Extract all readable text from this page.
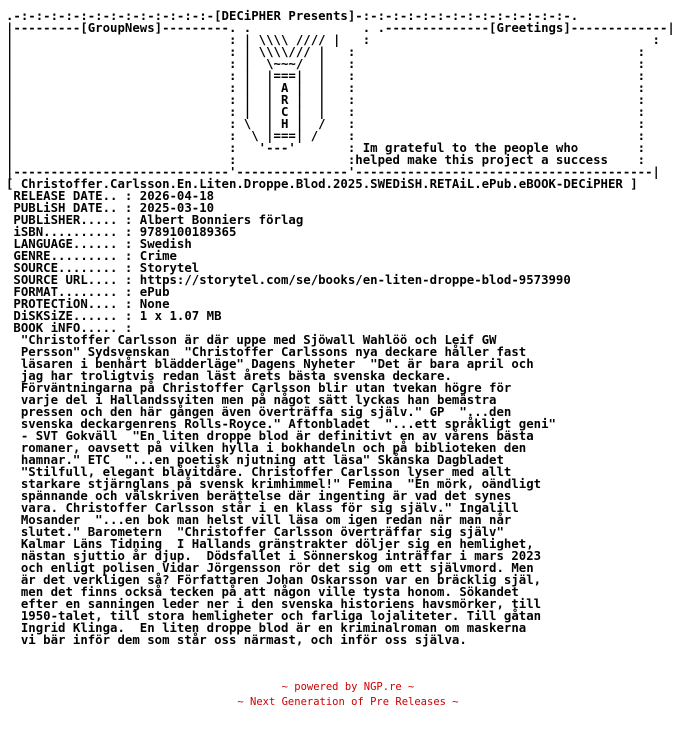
.-:-:-:-:-:-:-:-:-:-:-:-:-:-[DECiPHER Presents]-:-:-:-:-:-:-:-:-:-:-:-:-:-:-.
|---------[GroupNews]---------. .               . .--------------[Greetings]-------------|
|                             : | \\\\ //// |   :                                      :
|                             : | \\\\/// |   :                                      :
|                             : |  \~~~/  |   :                                      :
|                             : |  |===|  |   :                                      :
|                             : |  | A |  |   :                                      :
|                             : |  | R |  |   :                                      :
|                             : |  | C |  |   :                                      :
|                             : \  | H |  /   :                                      :
|                             :  \ |===| /    :                                      :
|                             :   '---'       : Im grateful to the people who        :
|                             :               :helped make this project a success    :
|-----------------------------'---------------'----------------------------------------|
[ Christoffer.Carlsson.En.Liten.Droppe.Blod.2025.SWEDiSH.RETAiL.ePub.eBOOK-DECiPHER ]
RELEASE DATE.. : 2026-04-18
PUBLiSH DATE.. : 2025-03-10
PUBLiSHER..... : Albert Bonniers förlag
iSBN.......... : 9789100189365
LANGUAGE...... : Swedish
GENRE......... : Crime
SOURCE........ : Storytel
SOURCE URL.... : https://storytel.com/se/books/en-liten-droppe-blod-9573990
FORMAT........ : ePub
PROTECTiON.... : None
DiSKSiZE...... : 1 x 1.07 MB
BOOK iNFO..... :
"Christoffer Carlsson är där uppe med Sjöwall Wahlöö och Leif GW
Persson" Sydsvenskan  "Christoffer Carlssons nya deckare håller fast
läsaren i benhårt blädderläge" Dagens Nyheter  "Det är bara april och
jag har troligtvis redan läst årets bästa svenska deckare.
Förväntningarna på Christoffer Carlsson blir utan tvekan högre för
varje del i Hallandssviten men på något sätt lyckas han bemästra
pressen och den här gången även överträffa sig själv." GP  "...den
svenska deckargenrens Rolls-Royce." Aftonbladet  "...ett språkligt geni"
- SVT Gokväll  "En liten droppe blod är definitivt en av vårens bästa
romaner, oavsett på vilken hylla i bokhandeln och på biblioteken den
hamnar." ETC  "...en poetisk njutning att läsa" Skånska Dagbladet
"Stilfull, elegant blåvitdåre. Christoffer Carlsson lyser med allt
starkare stjärnglans på svensk krimhimmel!" Femina  "En mörk, oändligt
spännande och välskriven berättelse där ingenting är vad det synes
vara. Christoffer Carlsson står i en klass för sig själv." Ingalill
Mosander  "...en bok man helst vill läsa om igen redan när man når
slutet." Barometern  "Christoffer Carlsson överträffar sig själv"
Kalmar Läns Tidning  I Hallands gränstrakter döljer sig en hemlighet,
nästan sjuttio år djup.  Dödsfallet i Sönnerskog inträffar i mars 2023
och enligt polisen Vidar Jörgensson rör det sig om ett självmord. Men
är det verkligen så? Författaren Johan Oskarsson var en bräcklig själ,
men det finns också tecken på att någon ville tysta honom. Sökandet
efter en sanningen leder ner i den svenska historiens havsmörker, till
1950-talet, till stora hemligheter och farliga lojaliteter. Till gåtan
Ingrid Klinga.  En liten droppe blod är en kriminalroman om maskerna
vi bär inför dem som står oss närmast, och inför oss själva.
~ powered by NGP.re ~
~ Next Generation of Pre Releases ~
